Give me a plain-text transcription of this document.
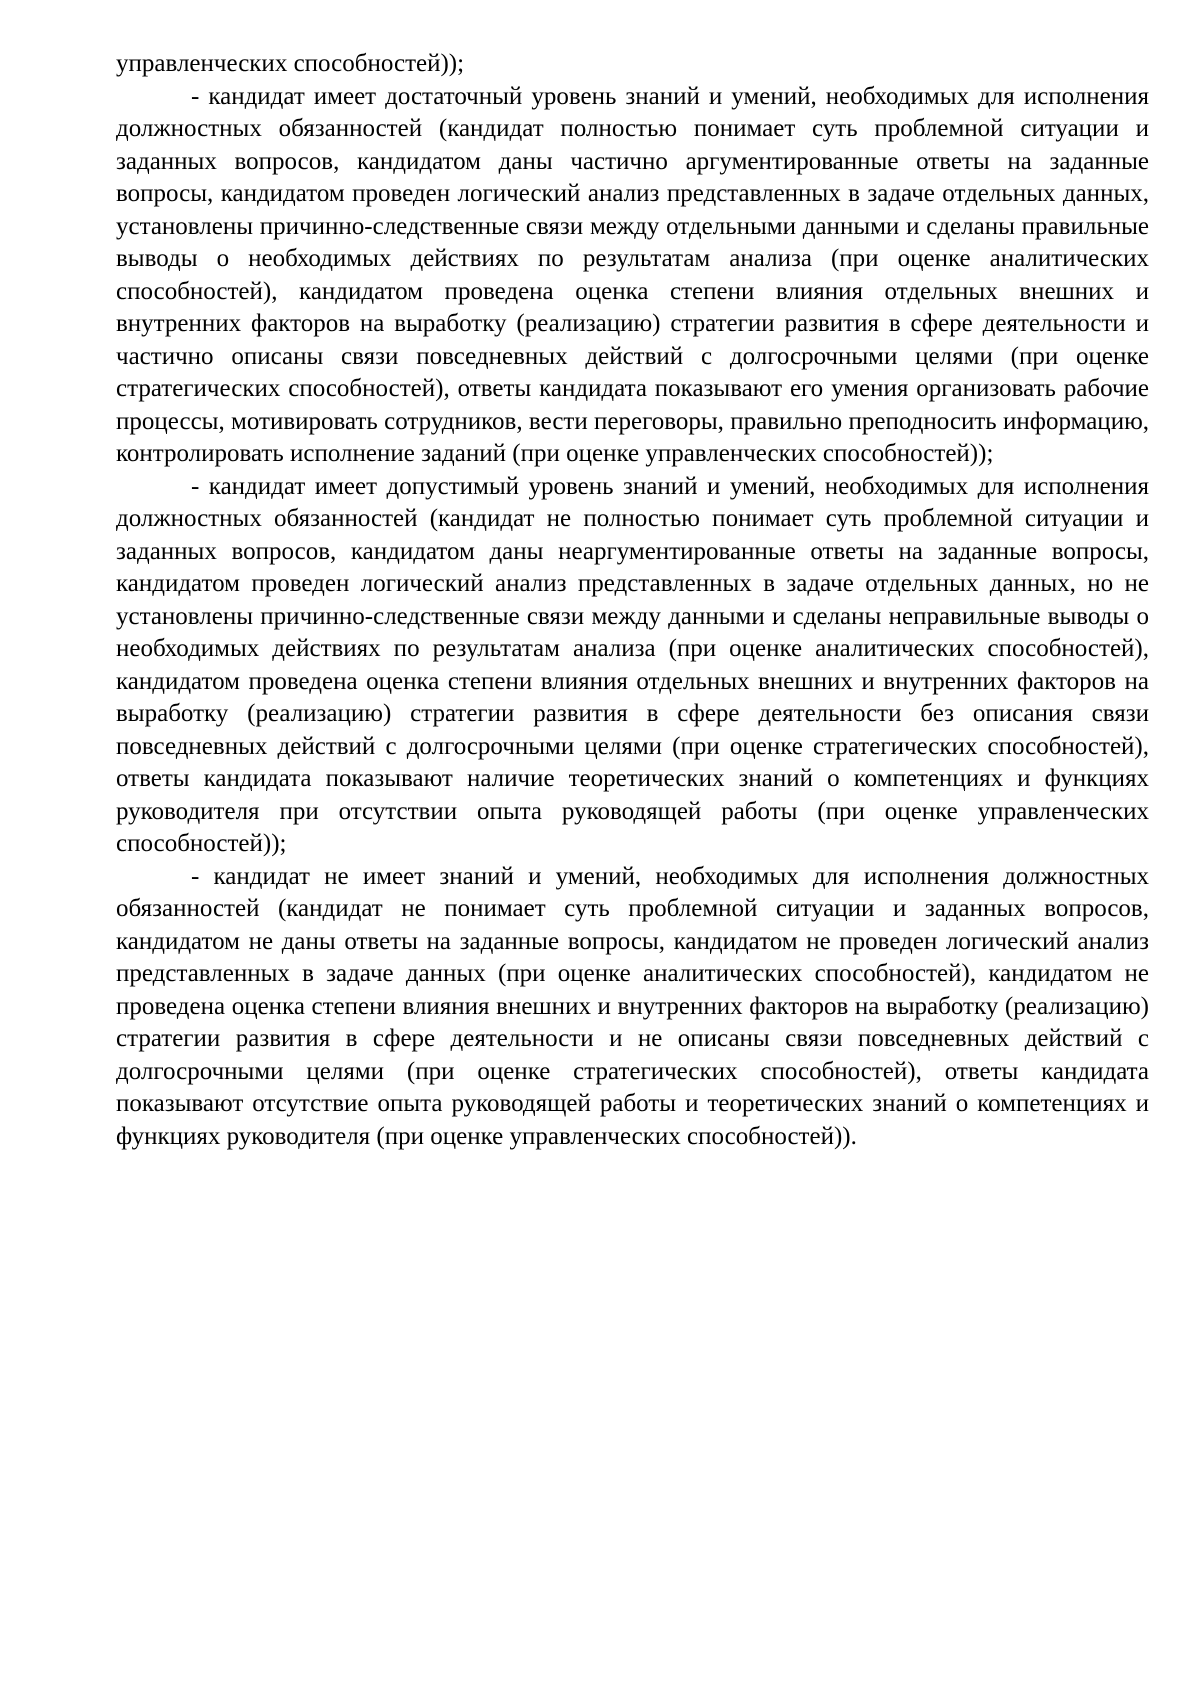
управленческих способностей));

- кандидат имеет достаточный уровень знаний и умений, необходимых для исполнения должностных обязанностей (кандидат полностью понимает суть проблемной ситуации и заданных вопросов, кандидатом даны частично аргументированные ответы на заданные вопросы, кандидатом проведен логический анализ представленных в задаче отдельных данных, установлены причинно-следственные связи между отдельными данными и сделаны правильные выводы о необходимых действиях по результатам анализа (при оценке аналитических способностей), кандидатом проведена оценка степени влияния отдельных внешних и внутренних факторов на выработку (реализацию) стратегии развития в сфере деятельности и частично описаны связи повседневных действий с долгосрочными целями (при оценке стратегических способностей), ответы кандидата показывают его умения организовать рабочие процессы, мотивировать сотрудников, вести переговоры, правильно преподносить информацию, контролировать исполнение заданий (при оценке управленческих способностей));

- кандидат имеет допустимый уровень знаний и умений, необходимых для исполнения должностных обязанностей (кандидат не полностью понимает суть проблемной ситуации и заданных вопросов, кандидатом даны неаргументированные ответы на заданные вопросы, кандидатом проведен логический анализ представленных в задаче отдельных данных, но не установлены причинно-следственные связи между данными и сделаны неправильные выводы о необходимых действиях по результатам анализа (при оценке аналитических способностей), кандидатом проведена оценка степени влияния отдельных внешних и внутренних факторов на выработку (реализацию) стратегии развития в сфере деятельности без описания связи повседневных действий с долгосрочными целями (при оценке стратегических способностей), ответы кандидата показывают наличие теоретических знаний о компетенциях и функциях руководителя при отсутствии опыта руководящей работы (при оценке управленческих способностей));

- кандидат не имеет знаний и умений, необходимых для исполнения должностных обязанностей (кандидат не понимает суть проблемной ситуации и заданных вопросов, кандидатом не даны ответы на заданные вопросы, кандидатом не проведен логический анализ представленных в задаче данных (при оценке аналитических способностей), кандидатом не проведена оценка степени влияния внешних и внутренних факторов на выработку (реализацию) стратегии развития в сфере деятельности и не описаны связи повседневных действий с долгосрочными целями (при оценке стратегических способностей), ответы кандидата показывают отсутствие опыта руководящей работы и теоретических знаний о компетенциях и функциях руководителя (при оценке управленческих способностей)).
